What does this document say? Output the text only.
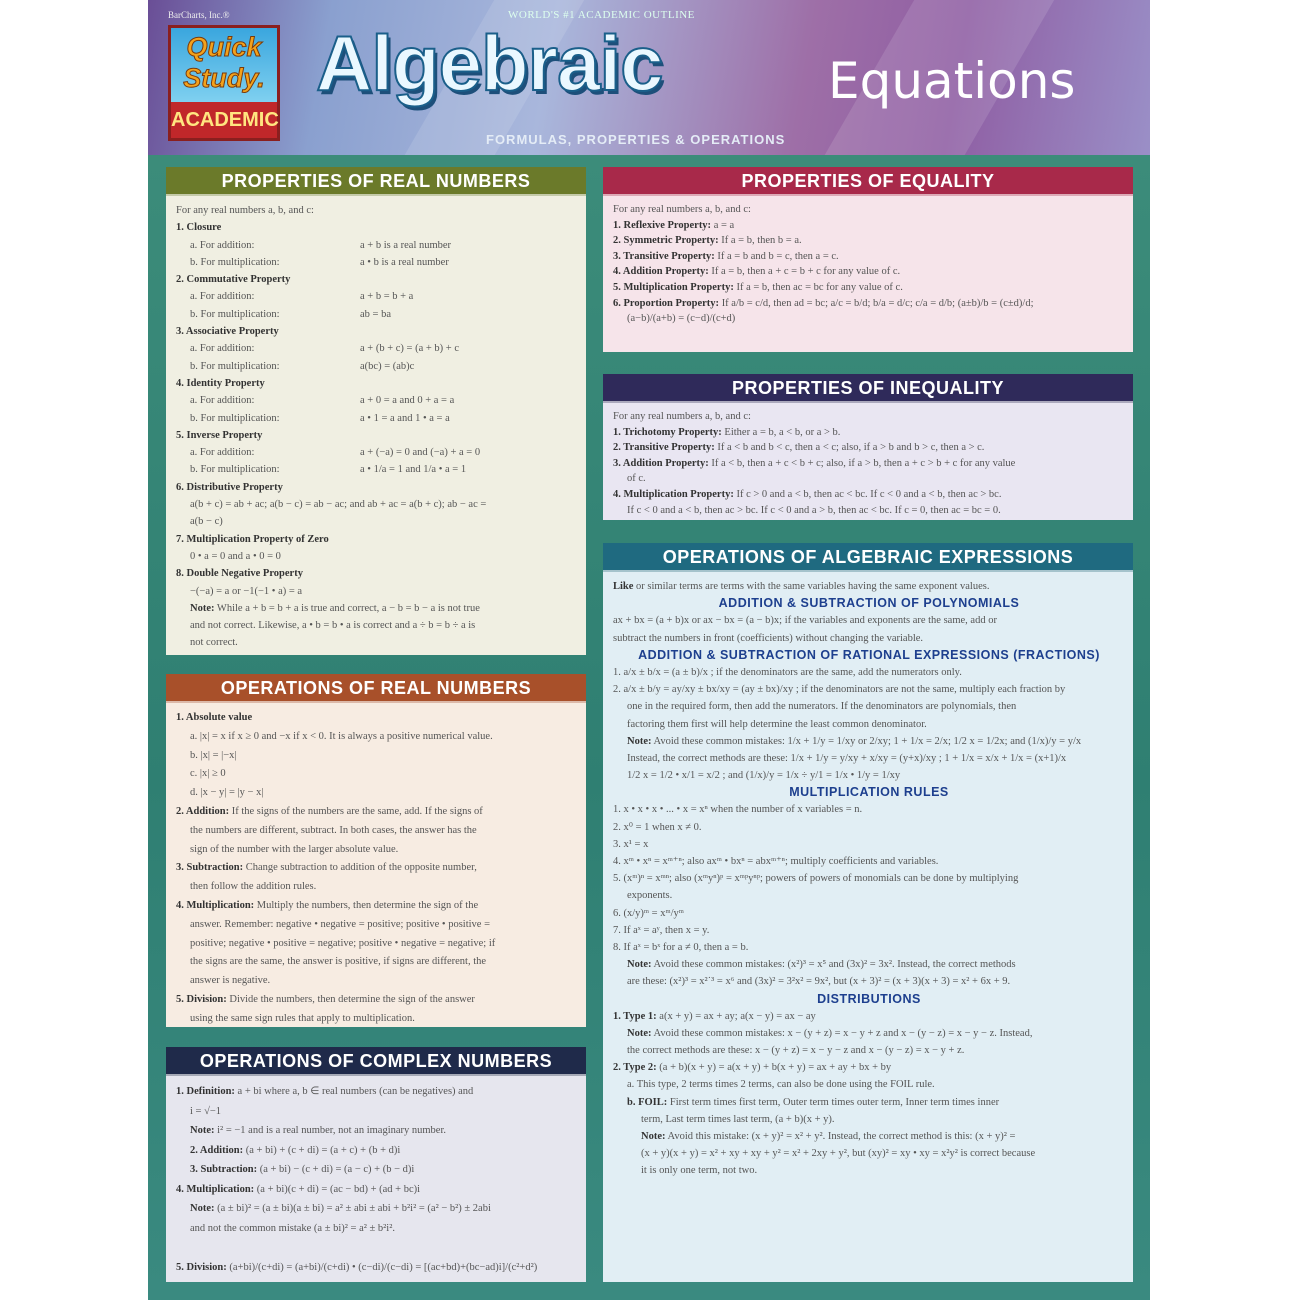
BarCharts, Inc.®	WORLD'S #1 ACADEMIC OUTLINE
Quick
Study.
ACADEMIC
Algebraic	Equations
FORMULAS, PROPERTIES & OPERATIONS
PROPERTIES OF REAL NUMBERS
For any real numbers a, b, and c:
1. Closure
a. For addition:	a + b is a real number
b. For multiplication:	a • b is a real number
2. Commutative Property
a. For addition:	a + b = b + a
b. For multiplication:	ab = ba
3. Associative Property
a. For addition:	a + (b + c) = (a + b) + c
b. For multiplication:	a(bc) = (ab)c
4. Identity Property
a. For addition:	a + 0 = a and 0 + a = a
b. For multiplication:	a • 1 = a and 1 • a = a
5. Inverse Property
a. For addition:	a + (−a) = 0 and (−a) + a = 0
b. For multiplication:	a • 1/a = 1 and 1/a • a = 1
6. Distributive Property
a(b + c) = ab + ac; a(b − c) = ab − ac; and ab + ac = a(b + c); ab − ac =
a(b − c)
7. Multiplication Property of Zero
0 • a = 0 and a • 0 = 0
8. Double Negative Property
−(−a) = a or −1(−1 • a) = a
Note: While a + b = b + a is true and correct, a − b = b − a is not true
and not correct. Likewise, a • b = b • a is correct and a ÷ b = b ÷ a is
not correct.
OPERATIONS OF REAL NUMBERS
1. Absolute value
a. |x| = x if x ≥ 0 and −x if x < 0. It is always a positive numerical value.
b. |x| = |−x|
c. |x| ≥ 0
d. |x − y| = |y − x|
2. Addition: If the signs of the numbers are the same, add. If the signs of
the numbers are different, subtract. In both cases, the answer has the
sign of the number with the larger absolute value.
3. Subtraction: Change subtraction to addition of the opposite number,
then follow the addition rules.
4. Multiplication: Multiply the numbers, then determine the sign of the
answer. Remember: negative • negative = positive; positive • positive =
positive; negative • positive = negative; positive • negative = negative; if
the signs are the same, the answer is positive, if signs are different, the
answer is negative.
5. Division: Divide the numbers, then determine the sign of the answer
using the same sign rules that apply to multiplication.
OPERATIONS OF COMPLEX NUMBERS
1. Definition: a + bi where a, b ∈ real numbers (can be negatives) and
i = √−1
Note: i² = −1 and is a real number, not an imaginary number.
2. Addition: (a + bi) + (c + di) = (a + c) + (b + d)i
3. Subtraction: (a + bi) − (c + di) = (a − c) + (b − d)i
4. Multiplication: (a + bi)(c + di) = (ac − bd) + (ad + bc)i
Note: (a ± bi)² = (a ± bi)(a ± bi) = a² ± abi ± abi + b²i² = (a² − b²) ± 2abi
and not the common mistake (a ± bi)² = a² ± b²i².
5. Division: (a+bi)/(c+di) = (a+bi)/(c+di) • (c−di)/(c−di) = [(ac+bd)+(bc−ad)i]/(c²+d²)
PROPERTIES OF EQUALITY
For any real numbers a, b, and c:
1. Reflexive Property: a = a
2. Symmetric Property: If a = b, then b = a.
3. Transitive Property: If a = b and b = c, then a = c.
4. Addition Property: If a = b, then a + c = b + c for any value of c.
5. Multiplication Property: If a = b, then ac = bc for any value of c.
6. Proportion Property: If a/b = c/d, then ad = bc; a/c = b/d; b/a = d/c; c/a = d/b; (a±b)/b = (c±d)/d;
(a−b)/(a+b) = (c−d)/(c+d)
PROPERTIES OF INEQUALITY
For any real numbers a, b, and c:
1. Trichotomy Property: Either a = b, a < b, or a > b.
2. Transitive Property: If a < b and b < c, then a < c; also, if a > b and b > c, then a > c.
3. Addition Property: If a < b, then a + c < b + c; also, if a > b, then a + c > b + c for any value
of c.
4. Multiplication Property: If c > 0 and a < b, then ac < bc. If c < 0 and a < b, then ac > bc.
If c < 0 and a < b, then ac > bc. If c < 0 and a > b, then ac < bc. If c = 0, then ac = bc = 0.
OPERATIONS OF ALGEBRAIC EXPRESSIONS
Like or similar terms are terms with the same variables having the same exponent values.
ADDITION & SUBTRACTION OF POLYNOMIALS
ax + bx = (a + b)x or ax − bx = (a − b)x; if the variables and exponents are the same, add or
subtract the numbers in front (coefficients) without changing the variable.
ADDITION & SUBTRACTION OF RATIONAL EXPRESSIONS (FRACTIONS)
1. a/x ± b/x = (a ± b)/x ; if the denominators are the same, add the numerators only.
2. a/x ± b/y = ay/xy ± bx/xy = (ay ± bx)/xy ; if the denominators are not the same, multiply each fraction by
one in the required form, then add the numerators. If the denominators are polynomials, then
factoring them first will help determine the least common denominator.
Note: Avoid these common mistakes: 1/x + 1/y = 1/xy or 2/xy; 1 + 1/x = 2/x; 1/2 x = 1/2x; and (1/x)/y = y/x
Instead, the correct methods are these: 1/x + 1/y = y/xy + x/xy = (y+x)/xy ; 1 + 1/x = x/x + 1/x = (x+1)/x
1/2 x = 1/2 • x/1 = x/2 ; and (1/x)/y = 1/x ÷ y/1 = 1/x • 1/y = 1/xy
MULTIPLICATION RULES
1. x • x • x • ... • x = xⁿ when the number of x variables = n.
2. x⁰ = 1 when x ≠ 0.
3. x¹ = x
4. xᵐ • xⁿ = xᵐ⁺ⁿ; also axᵐ • bxⁿ = abxᵐ⁺ⁿ; multiply coefficients and variables.
5. (xᵐ)ⁿ = xᵐⁿ; also (xᵐyⁿ)ᵖ = xᵐᵖyⁿᵖ; powers of powers of monomials can be done by multiplying
exponents.
6. (x/y)ᵐ = xᵐ/yᵐ
7. If aˣ = aʸ, then x = y.
8. If aˣ = bˣ for a ≠ 0, then a = b.
Note: Avoid these common mistakes: (x²)³ = x⁵ and (3x)² = 3x². Instead, the correct methods
are these: (x²)³ = x²˙³ = x⁶ and (3x)² = 3²x² = 9x², but (x + 3)² = (x + 3)(x + 3) = x² + 6x + 9.
DISTRIBUTIONS
1. Type 1: a(x + y) = ax + ay; a(x − y) = ax − ay
Note: Avoid these common mistakes: x − (y + z) = x − y + z and x − (y − z) = x − y − z. Instead,
the correct methods are these: x − (y + z) = x − y − z and x − (y − z) = x − y + z.
2. Type 2: (a + b)(x + y) = a(x + y) + b(x + y) = ax + ay + bx + by
a. This type, 2 terms times 2 terms, can also be done using the FOIL rule.
b. FOIL: First term times first term, Outer term times outer term, Inner term times inner
term, Last term times last term, (a + b)(x + y).
Note: Avoid this mistake: (x + y)² = x² + y². Instead, the correct method is this: (x + y)² =
(x + y)(x + y) = x² + xy + xy + y² = x² + 2xy + y², but (xy)² = xy • xy = x²y² is correct because
it is only one term, not two.
